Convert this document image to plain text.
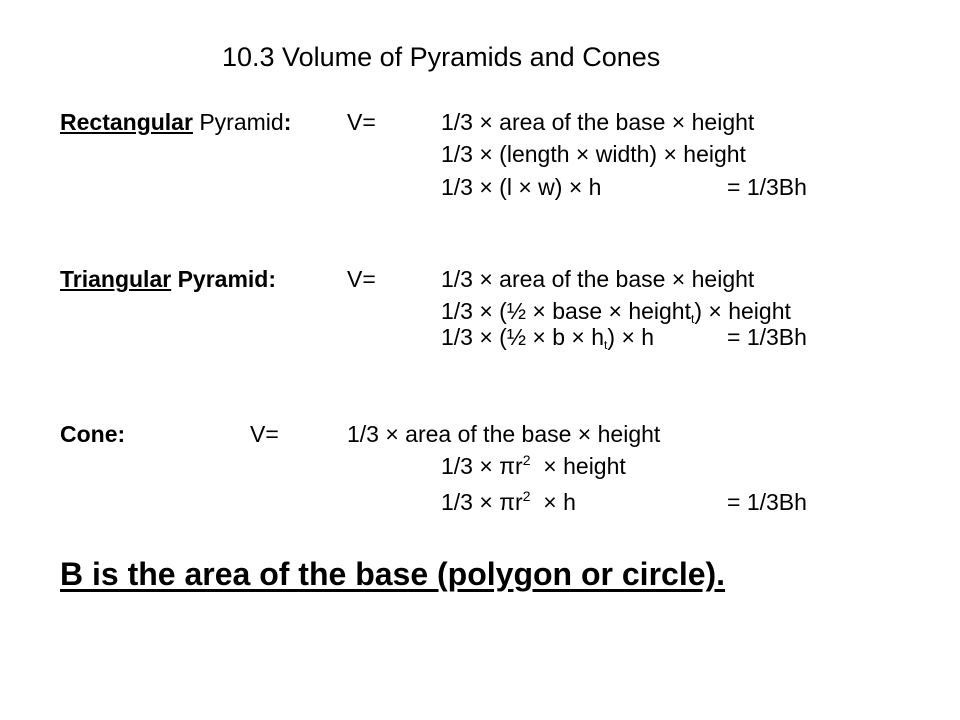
10.3 Volume of Pyramids and Cones
Rectangular Pyramid: V=	1/3 × area of the base × height
1/3 × (length × width) × height
1/3 × (l × w) × h	= 1/3Bh
Triangular Pyramid:	V=	1/3 × area of the base × height
1/3 × (½ × base × height$_t$) × height
1/3 × (½ × $b \times h_t) \times h$	= 1/3Bh
Cone:	V=	1/3 × area of the base × height
$1/3 \times \pi r^2$  × height
$1/3 \times \pi r^2 \times h$	= 1/3Bh
B is the area of the base (polygon or circle).
